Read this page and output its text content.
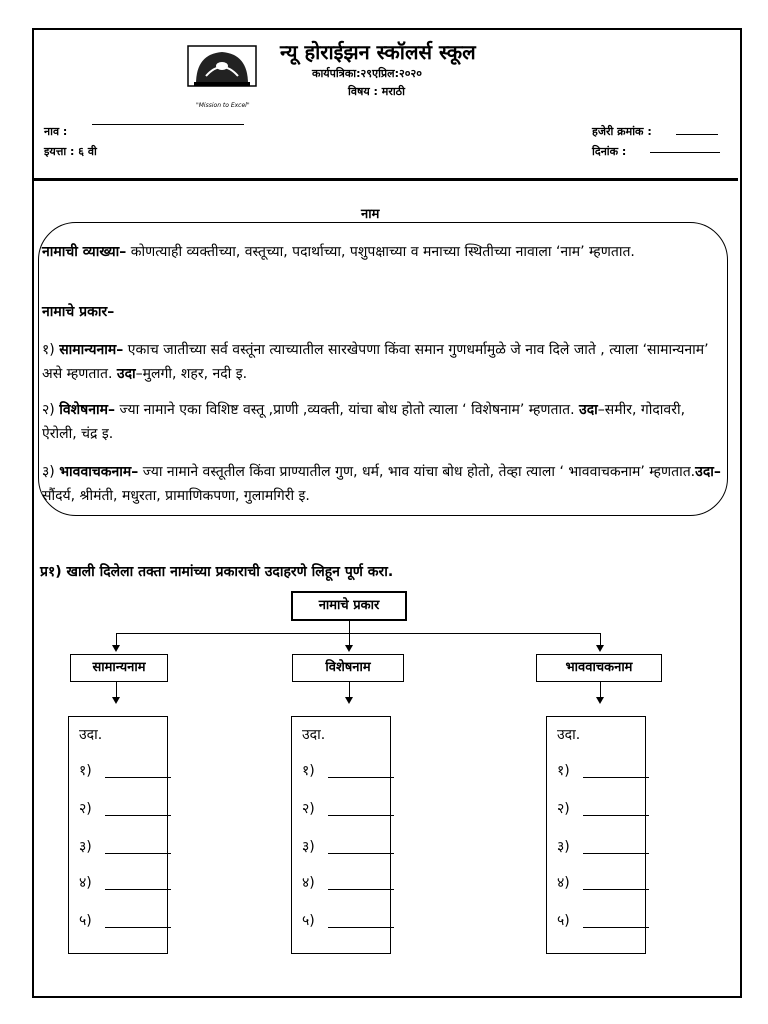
"Mission to Excel"
न्यू होराईझन स्कॉलर्स स्कूल
कार्यपत्रिका:२९एप्रिल:२०२०
विषय : मराठी
नाव :
इयत्ता : ६ वी
हजेरी क्रमांक :
दिनांक :
नाम
नामाची व्याख्या– कोणत्याही व्यक्तीच्या, वस्तूच्या, पदार्थाच्या, पशुपक्षाच्या व मनाच्या स्थितीच्या नावाला ‘नाम’ म्हणतात.
नामाचे प्रकार–
१) सामान्यनाम– एकाच जातीच्या सर्व वस्तूंना त्याच्यातील सारखेपणा किंवा समान गुणधर्मामुळे जे नाव दिले जाते , त्याला ‘सामान्यनाम’ असे म्हणतात. उदा–मुलगी, शहर, नदी इ.
२) विशेषनाम– ज्या नामाने एका विशिष्ट वस्तू ,प्राणी ,व्यक्ती, यांचा बोध होतो त्याला ‘ विशेषनाम’ म्हणतात. उदा–समीर, गोदावरी, ऐरोली, चंद्र इ.
३) भाववाचकनाम– ज्या नामाने वस्तूतील किंवा प्राण्यातील गुण, धर्म, भाव यांचा बोध होतो, तेव्हा त्याला ‘ भाववाचकनाम’ म्हणतात.उदा– सौंदर्य, श्रीमंती, मधुरता, प्रामाणिकपणा, गुलामगिरी इ.
प्र१) खाली दिलेला तक्ता नामांच्या प्रकाराची उदाहरणे लिहून पूर्ण करा.
नामाचे प्रकार
सामान्यनाम	विशेषनाम	भाववाचकनाम
उदा.
१)
२)
३)
४)
५)
उदा.
१)
२)
३)
४)
५)
उदा.
१)
२)
३)
४)
५)
